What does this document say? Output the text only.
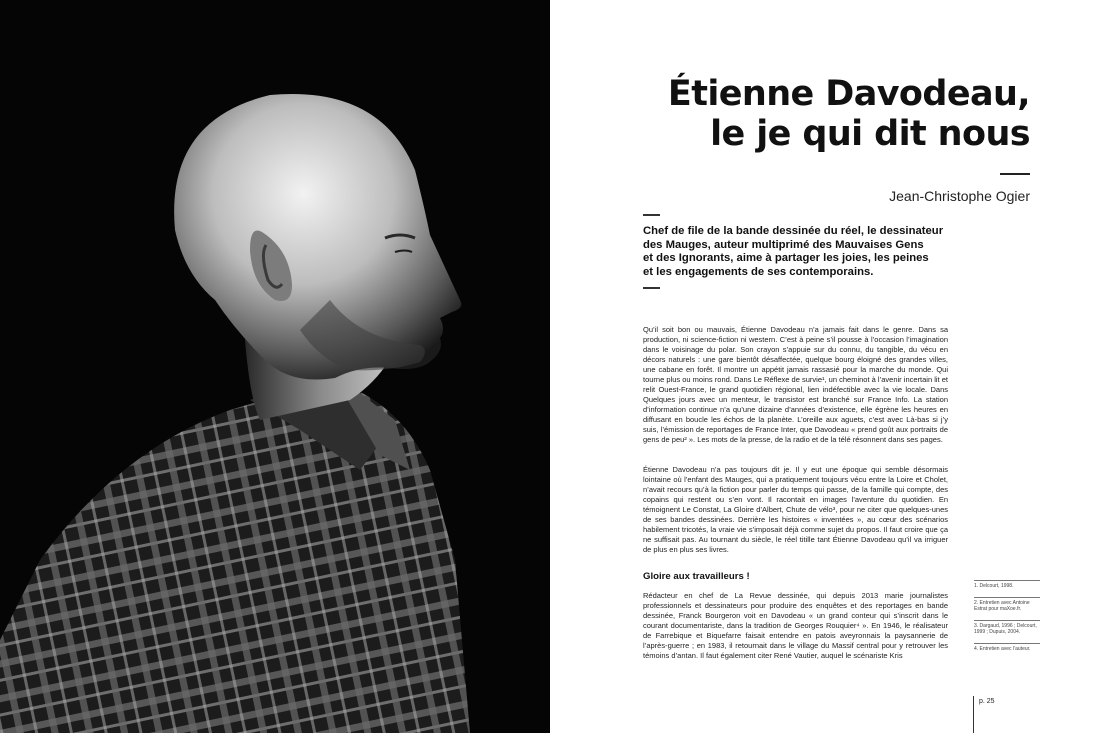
Étienne Davodeau,
le je qui dit nous
Jean-Christophe Ogier

Chef de file de la bande dessinée du réel, le dessinateur

des Mauges, auteur multiprimé des Mauvaises Gens

et des Ignorants, aime à partager les joies, les peines

et les engagements de ses contemporains.

Qu’il soit bon ou mauvais, Étienne Davodeau n’a jamais fait dans le genre. Dans sa production, ni science-fiction ni western. C’est à peine s’il pousse à l’occasion l’imagination dans le voisinage du polar. Son crayon s’appuie sur du connu, du tangible, du vécu en décors naturels : une gare bientôt désaffectée, quelque bourg éloigné des grandes villes, une cabane en forêt. Il montre un appétit jamais rassasié pour la marche du monde. Qui tourne plus ou moins rond. Dans Le Réflexe de survie¹, un cheminot à l’avenir incertain lit et relit Ouest-France, le grand quotidien régional, lien indéfectible avec la vie locale. Dans Quelques jours avec un menteur, le transistor est branché sur France Info. La station d’information continue n’a qu’une dizaine d’années d’existence, elle égrène les heures en diffusant en boucle les échos de la planète. L’oreille aux aguets, c’est avec Là-bas si j’y suis, l’émission de reportages de France Inter, que Davodeau « prend goût aux portraits de gens de peu² ». Les mots de la presse, de la radio et de la télé résonnent dans ses pages.

Étienne Davodeau n’a pas toujours dit je. Il y eut une époque qui semble désormais lointaine où l’enfant des Mauges, qui a pratiquement toujours vécu entre la Loire et Cholet, n’avait recours qu’à la fiction pour parler du temps qui passe, de la famille qui compte, des copains qui restent ou s’en vont. Il racontait en images l’aventure du quotidien. En témoignent Le Constat, La Gloire d’Albert, Chute de vélo³, pour ne citer que quelques-unes de ses bandes dessinées. Derrière les histoires « inventées », au cœur des scénarios habilement tricotés, la vraie vie s’imposait déjà comme sujet du propos. Il faut croire que ça ne suffisait pas. Au tournant du siècle, le réel titille tant Étienne Davodeau qu’il va irriguer de plus en plus ses livres.

Gloire aux travailleurs !

Rédacteur en chef de La Revue dessinée, qui depuis 2013 marie journalistes professionnels et dessinateurs pour produire des enquêtes et des reportages en bande dessinée, Franck Bourgeron voit en Davodeau « un grand conteur qui s’inscrit dans le courant documentariste, dans la tradition de Georges Rouquier⁴ ». En 1946, le réalisateur de Farrebique et Biquefarre faisait entendre en patois aveyronnais la paysannerie de l’après-guerre ; en 1983, il retournait dans le village du Massif central pour y retrouver les témoins d’antan. Il faut également citer René Vautier, auquel le scénariste Kris

1. Delcourt, 1998.
2. Entretien avec Antoine Estrat pour maXoe.fr.
3. Dargaud, 1996 ; Delcourt, 1999 ; Dupuis, 2004.
4. Entretien avec l’auteur.
p. 25
